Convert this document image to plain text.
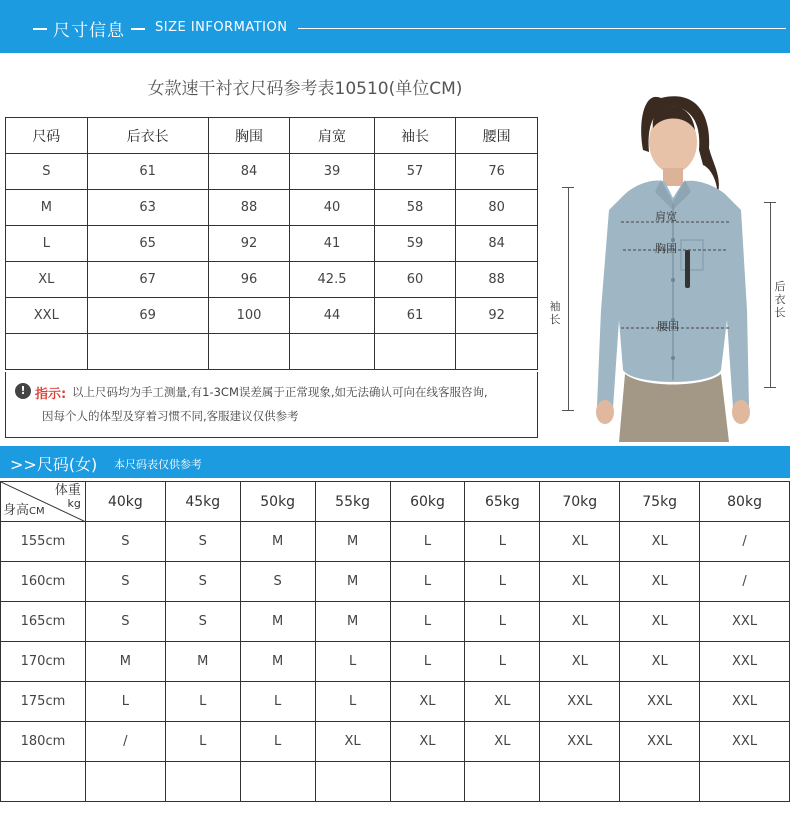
尺寸信息 SIZE INFORMATION
女款速干衬衣尺码参考表10510(单位CM)
尺码	后衣长	胸围	肩宽	袖长	腰围
S	61	84	39	57	76
M	63	88	40	58	80
L	65	92	41	59	84
XL	67	96	42.5	60	88
XXL	69	100	44	61	92

! 指示: 以上尺码均为手工测量,有1-3CM误差属于正常现象,如无法确认可向在线客服咨询,
因每个人的体型及穿着习惯不同,客服建议仅供参考
袖长
后衣长
肩宽
胸围
腰围
>>尺码(女) 本尺码表仅供参考
体重
kg
身高CM	40kg	45kg	50kg	55kg	60kg	65kg	70kg	75kg	80kg
155cm	S	S	M	M	L	L	XL	XL	/
160cm	S	S	S	M	L	L	XL	XL	/
165cm	S	S	M	M	L	L	XL	XL	XXL
170cm	M	M	M	L	L	L	XL	XL	XXL
175cm	L	L	L	L	XL	XL	XXL	XXL	XXL
180cm	/	L	L	XL	XL	XL	XXL	XXL	XXL
